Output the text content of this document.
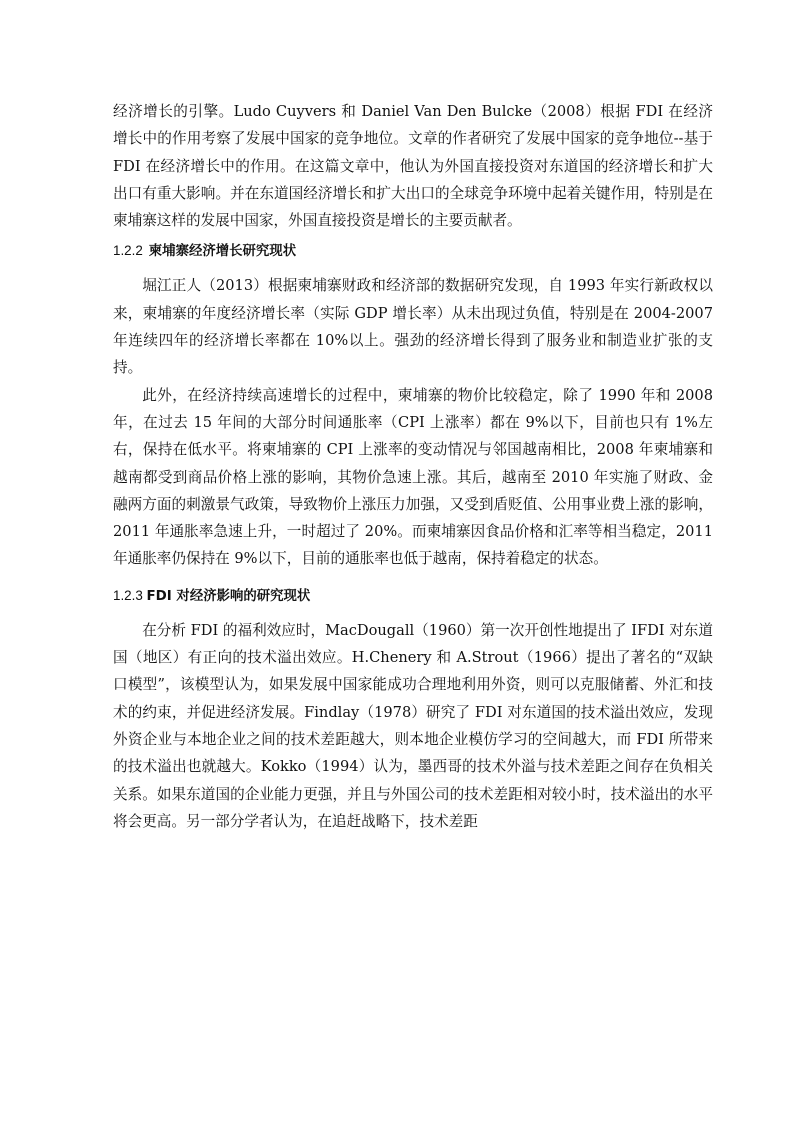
经济增长的引擎。Ludo Cuyvers 和 Daniel Van Den Bulcke（2008）根据 FDI 在经济增长中的作用考察了发展中国家的竞争地位。文章的作者研究了发展中国家的竞争地位--基于 FDI 在经济增长中的作用。在这篇文章中，他认为外国直接投资对东道国的经济增长和扩大出口有重大影响。并在东道国经济增长和扩大出口的全球竞争环境中起着关键作用，特别是在柬埔寨这样的发展中国家，外国直接投资是增长的主要贡献者。

1.2.2 柬埔寨经济增长研究现状

堀江正人（2013）根据柬埔寨财政和经济部的数据研究发现，自 1993 年实行新政权以来，柬埔寨的年度经济增长率（实际 GDP 增长率）从未出现过负值，特别是在 2004-2007 年连续四年的经济增长率都在 10%以上。强劲的经济增长得到了服务业和制造业扩张的支持。

此外，在经济持续高速增长的过程中，柬埔寨的物价比较稳定，除了 1990 年和 2008 年，在过去 15 年间的大部分时间通胀率（CPI 上涨率）都在 9%以下，目前也只有 1%左右，保持在低水平。将柬埔寨的 CPI 上涨率的变动情况与邻国越南相比，2008 年柬埔寨和越南都受到商品价格上涨的影响，其物价急速上涨。其后，越南至 2010 年实施了财政、金融两方面的刺激景气政策，导致物价上涨压力加强，又受到盾贬值、公用事业费上涨的影响，2011 年通胀率急速上升，一时超过了 20%。而柬埔寨因食品价格和汇率等相当稳定，2011 年通胀率仍保持在 9%以下，目前的通胀率也低于越南，保持着稳定的状态。

1.2.3 FDI 对经济影响的研究现状

在分析 FDI 的福利效应时，MacDougall（1960）第一次开创性地提出了 IFDI 对东道国（地区）有正向的技术溢出效应。H.Chenery 和 A.Strout（1966）提出了著名的“双缺口模型”，该模型认为，如果发展中国家能成功合理地利用外资，则可以克服储蓄、外汇和技术的约束，并促进经济发展。Findlay（1978）研究了 FDI 对东道国的技术溢出效应，发现外资企业与本地企业之间的技术差距越大，则本地企业模仿学习的空间越大，而 FDI 所带来的技术溢出也就越大。Kokko（1994）认为，墨西哥的技术外溢与技术差距之间存在负相关关系。如果东道国的企业能力更强，并且与外国公司的技术差距相对较小时，技术溢出的水平将会更高。另一部分学者认为，在追赶战略下，技术差距
